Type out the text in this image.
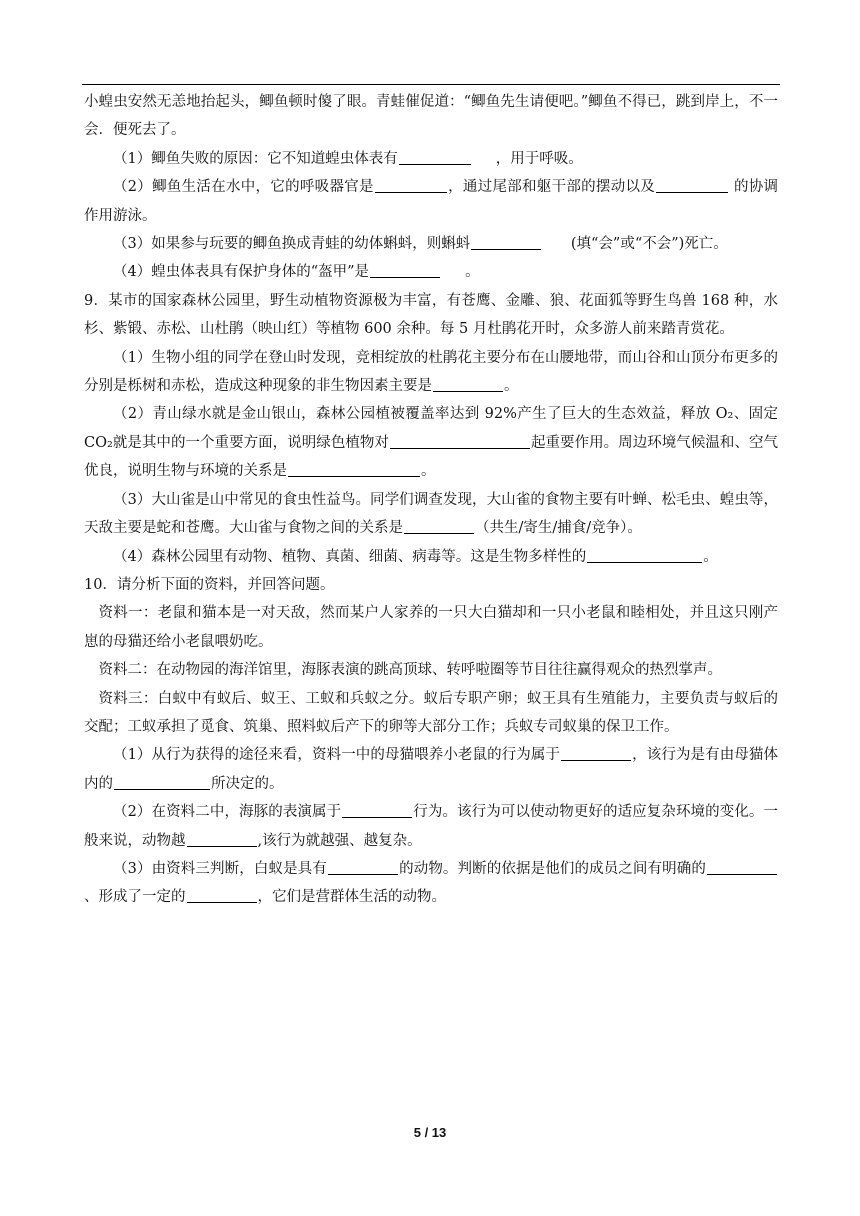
小蝗虫安然无恙地抬起头，鲫鱼顿时傻了眼。青蛙催促道：“鲫鱼先生请便吧。”鲫鱼不得已，跳到岸上，不一会．便死去了。

（1）鲫鱼失败的原因：它不知道蝗虫体表有	，用于呼吸。

（2）鲫鱼生活在水中，它的呼吸器官是	，通过尾部和躯干部的摆动以及	的协调作用游泳。

（3）如果参与玩要的鲫鱼换成青蛙的幼体蝌蚪，则蝌蚪	(填“会”或“不会”)死亡。

（4）蝗虫体表具有保护身体的“盔甲”是	。

9．某市的国家森林公园里，野生动植物资源极为丰富，有苍鹰、金雕、狼、花面狐等野生鸟兽 168 种，水杉、紫锻、赤松、山杜鹃（映山红）等植物 600 余种。每 5 月杜鹃花开时，众多游人前来踏青赏花。

（1）生物小组的同学在登山时发现，竞相绽放的杜鹃花主要分布在山腰地带，而山谷和山顶分布更多的分别是栎树和赤松，造成这种现象的非生物因素主要是	。

（2）青山绿水就是金山银山，森林公园植被覆盖率达到 92%产生了巨大的生态效益，释放 O₂、固定 CO₂就是其中的一个重要方面，说明绿色植物对	起重要作用。周边环境气候温和、空气优良，说明生物与环境的关系是	。

（3）大山雀是山中常见的食虫性益鸟。同学们调查发现，大山雀的食物主要有叶蝉、松毛虫、蝗虫等，天敌主要是蛇和苍鹰。大山雀与食物之间的关系是	（共生/寄生/捕食/竞争）。

（4）森林公园里有动物、植物、真菌、细菌、病毒等。这是生物多样性的	。

10．请分析下面的资料，并回答问题。

资料一：老鼠和猫本是一对天敌，然而某户人家养的一只大白猫却和一只小老鼠和睦相处，并且这只刚产崽的母猫还给小老鼠喂奶吃。

资料二：在动物园的海洋馆里，海豚表演的跳高顶球、转呼啦圈等节目往往赢得观众的热烈掌声。

资料三：白蚁中有蚁后、蚁王、工蚁和兵蚁之分。蚁后专职产卵；蚁王具有生殖能力，主要负责与蚁后的交配；工蚁承担了觅食、筑巢、照料蚁后产下的卵等大部分工作；兵蚁专司蚁巢的保卫工作。

（1）从行为获得的途径来看，资料一中的母猫喂养小老鼠的行为属于	，该行为是有由母猫体内的	所决定的。

（2）在资料二中，海豚的表演属于	行为。该行为可以使动物更好的适应复杂环境的变化。一般来说，动物越	,该行为就越强、越复杂。

（3）由资料三判断，白蚁是具有	的动物。判断的依据是他们的成员之间有明确的、形成了一定的	，它们是营群体生活的动物。

5 / 13
